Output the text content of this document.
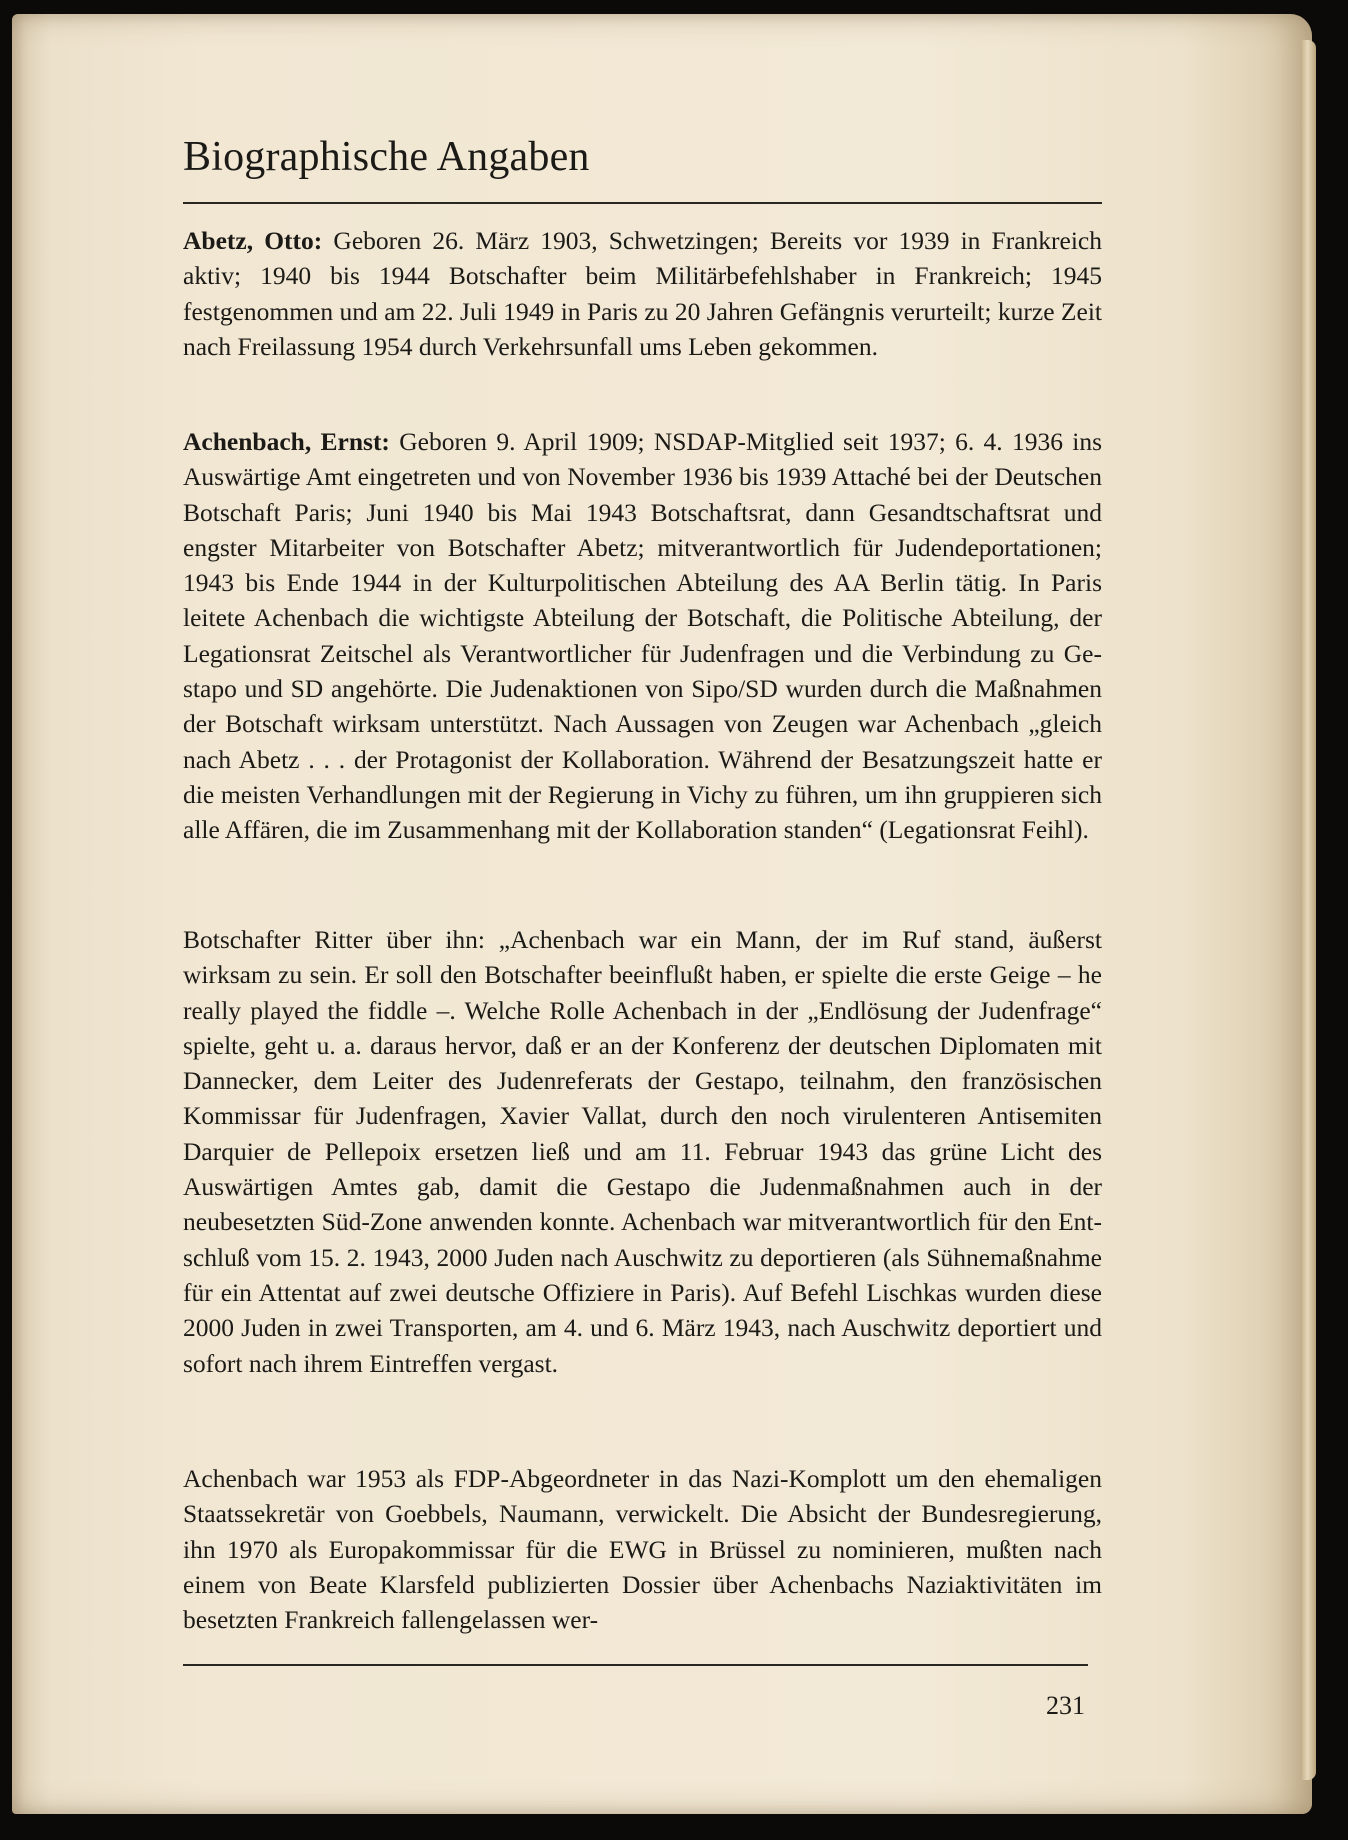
Biographische Angaben
Abetz, Otto: Geboren 26. März 1903, Schwetzingen; Bereits vor 1939 in Frankreich aktiv; 1940 bis 1944 Botschafter beim Militärbefehlshaber in Frankreich; 1945 festgenommen und am 22. Juli 1949 in Paris zu 20 Jahren Gefängnis verurteilt; kurze Zeit nach Freilassung 1954 durch Verkehrsunfall ums Leben gekommen.
Achenbach, Ernst: Geboren 9. April 1909; NSDAP-Mitglied seit 1937; 6. 4. 1936 ins Auswärtige Amt eingetreten und von November 1936 bis 1939 Attaché bei der Deutschen Botschaft Paris; Juni 1940 bis Mai 1943 Botschaftsrat, dann Gesandtschaftsrat und engster Mitarbeiter von Botschafter Abetz; mitverantwortlich für Judendeportationen; 1943 bis Ende 1944 in der Kulturpolitischen Abteilung des AA Berlin tätig. In Paris leitete Achenbach die wichtigste Abteilung der Botschaft, die Politische Abteilung, der Legationsrat Zeitschel als Verantwortlicher für Judenfragen und die Verbindung zu Gestapo und SD angehörte. Die Judenaktionen von Sipo/SD wurden durch die Maßnahmen der Botschaft wirksam unterstützt. Nach Aussagen von Zeugen war Achenbach „gleich nach Abetz . . . der Protagonist der Kollaboration. Während der Besatzungszeit hatte er die meisten Verhandlungen mit der Regierung in Vichy zu führen, um ihn gruppieren sich alle Affären, die im Zusammenhang mit der Kollaboration standen“ (Legationsrat Feihl).
Botschafter Ritter über ihn: „Achenbach war ein Mann, der im Ruf stand, äußerst wirksam zu sein. Er soll den Botschafter beeinflußt haben, er spielte die erste Geige – he really played the fiddle –. Welche Rolle Achenbach in der „Endlösung der Judenfrage“ spielte, geht u. a. daraus hervor, daß er an der Konferenz der deutschen Diplomaten mit Dannecker, dem Leiter des Judenreferats der Gestapo, teilnahm, den französischen Kommissar für Judenfragen, Xavier Vallat, durch den noch virulenteren Antisemiten Darquier de Pellepoix ersetzen ließ und am 11. Februar 1943 das grüne Licht des Auswärtigen Amtes gab, damit die Gestapo die Judenmaßnahmen auch in der neubesetzten Süd-Zone anwenden konnte. Achenbach war mitverantwortlich für den Entschluß vom 15. 2. 1943, 2000 Juden nach Auschwitz zu deportieren (als Sühnemaßnahme für ein Attentat auf zwei deutsche Offiziere in Paris). Auf Befehl Lischkas wurden diese 2000 Juden in zwei Transporten, am 4. und 6. März 1943, nach Auschwitz deportiert und sofort nach ihrem Eintreffen vergast.
Achenbach war 1953 als FDP-Abgeordneter in das Nazi-Komplott um den ehemaligen Staatssekretär von Goebbels, Naumann, verwickelt. Die Absicht der Bundesregierung, ihn 1970 als Europakommissar für die EWG in Brüssel zu nominieren, mußten nach einem von Beate Klarsfeld publizierten Dossier über Achenbachs Naziaktivitäten im besetzten Frankreich fallengelassen wer-
231
